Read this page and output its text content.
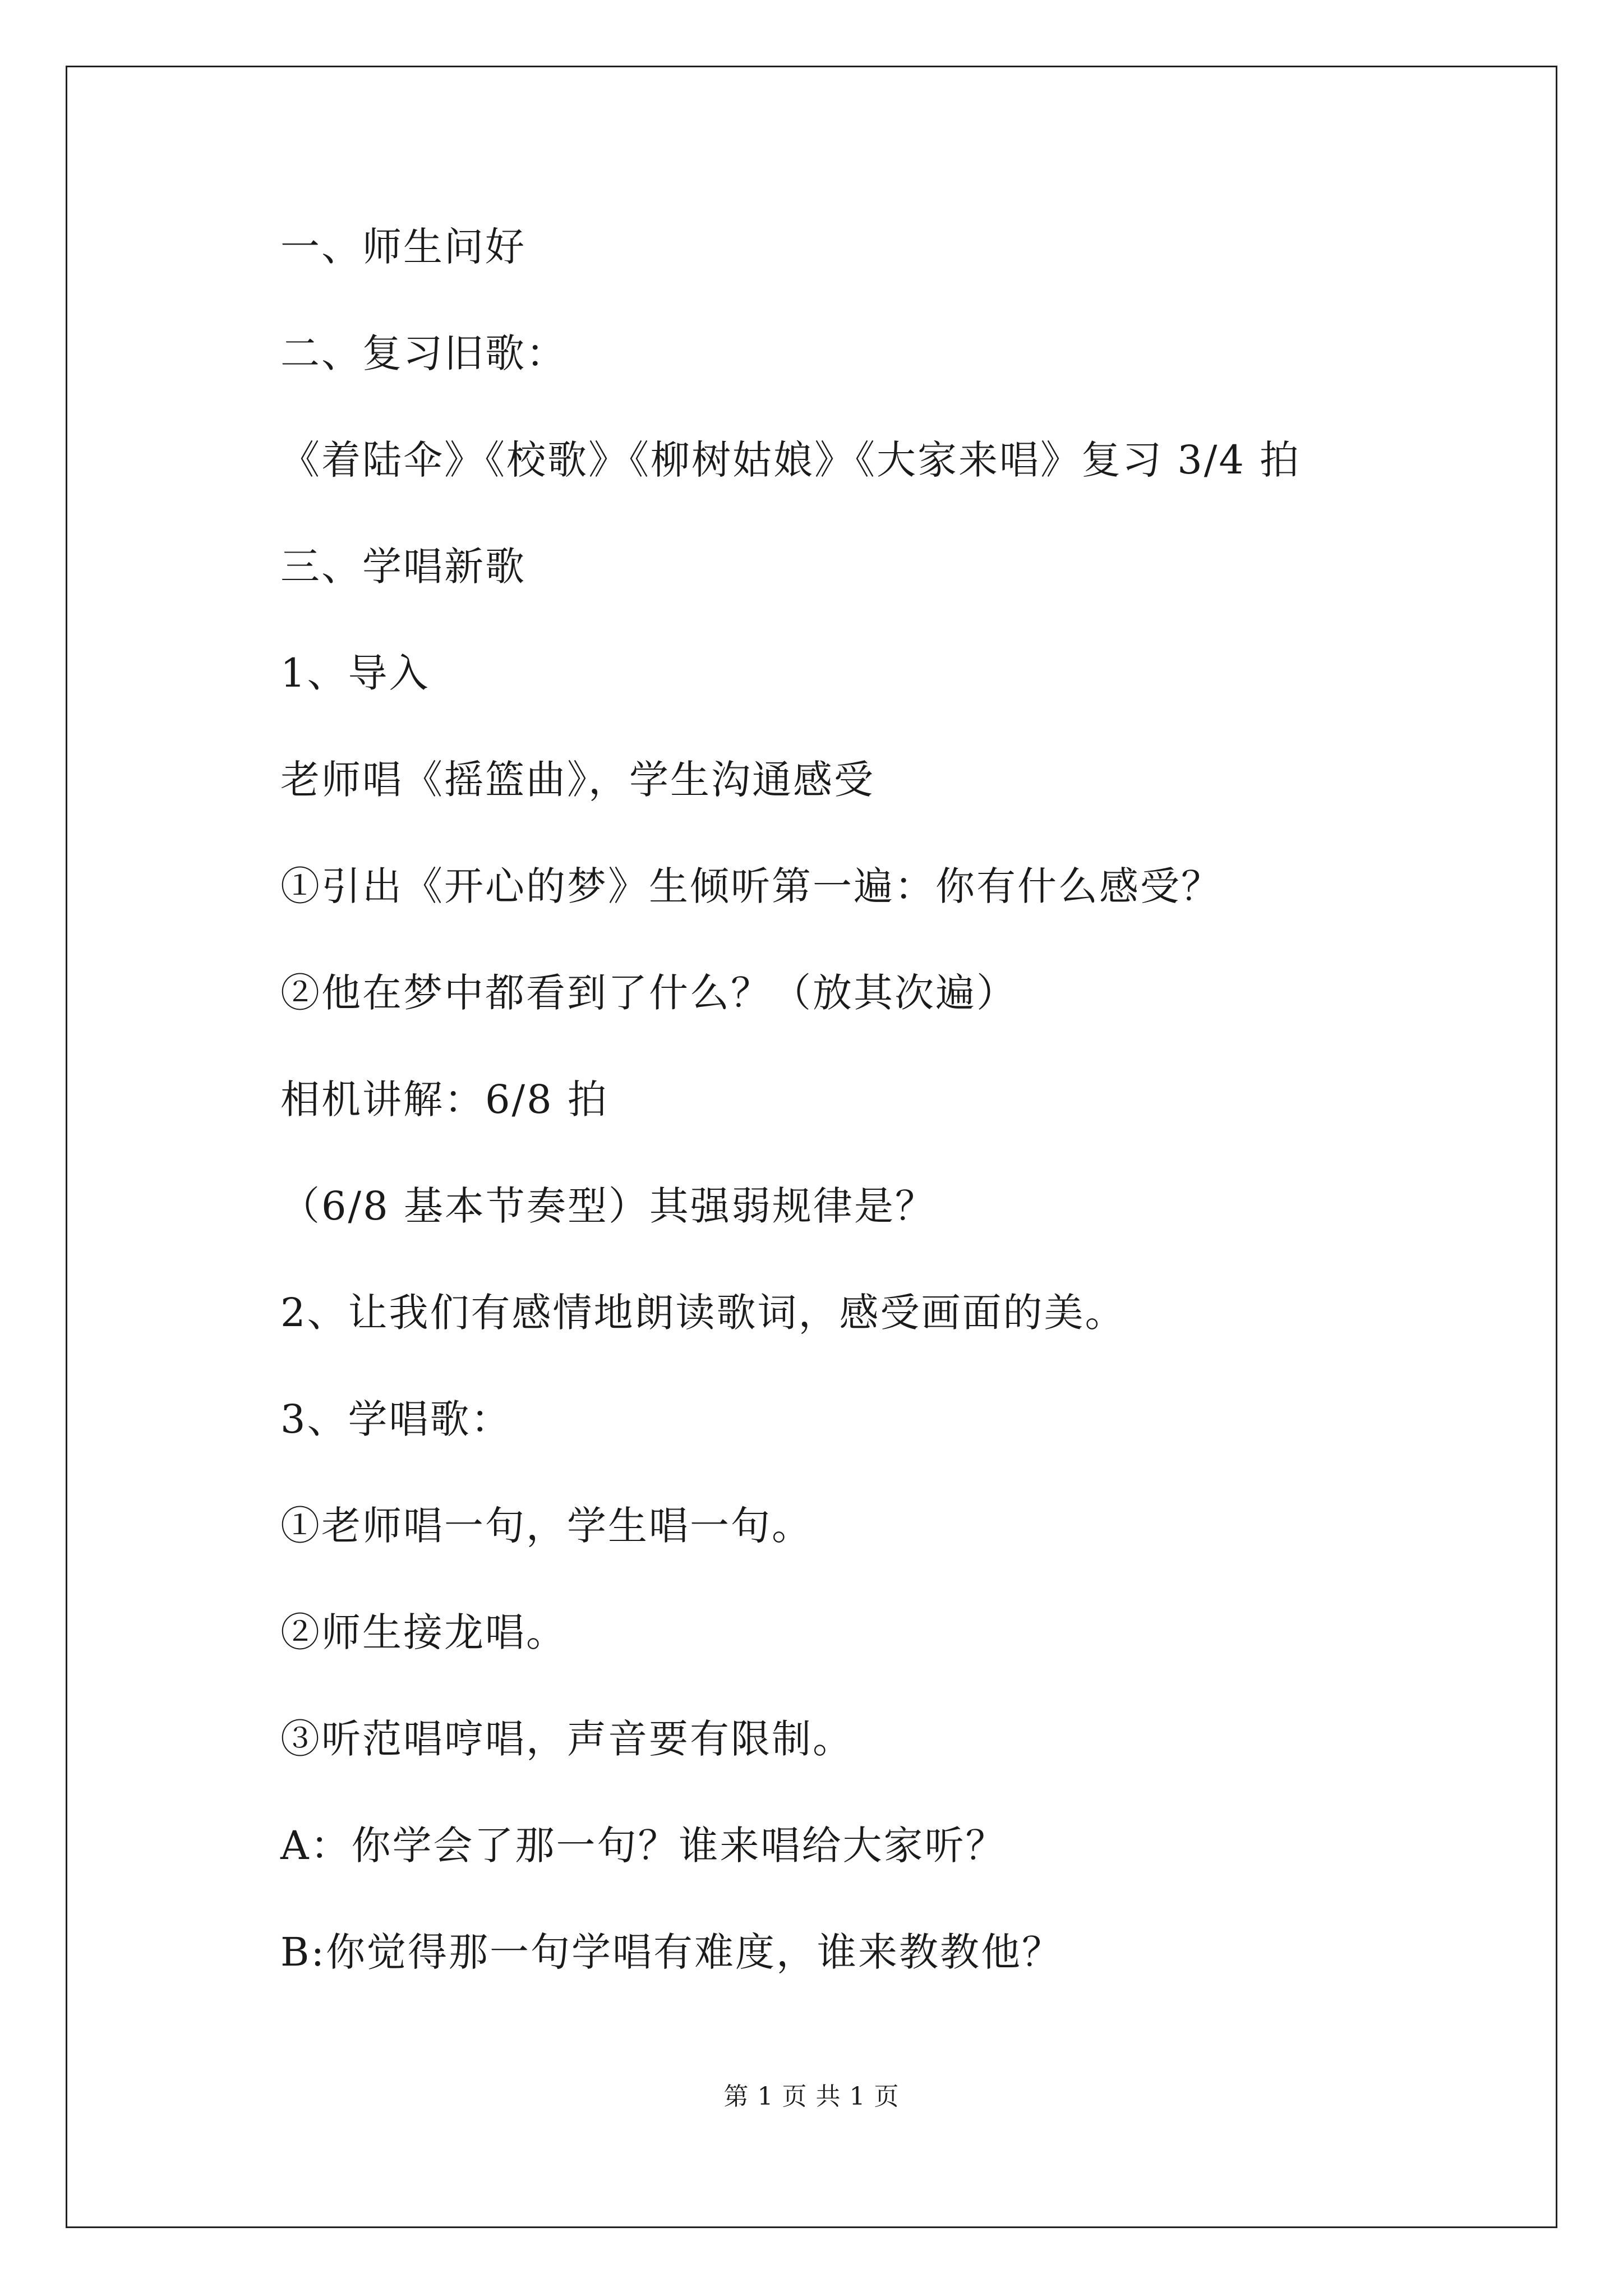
一、师生问好
二、复习旧歌：
《着陆伞》《校歌》《柳树姑娘》《大家来唱》复习 3/4 拍
三、学唱新歌
1、导入
老师唱《摇篮曲》，学生沟通感受
①引出《开心的梦》生倾听第一遍：你有什么感受？
②他在梦中都看到了什么？（放其次遍）
相机讲解：6/8 拍
（6/8 基本节奏型）其强弱规律是？
2、让我们有感情地朗读歌词，感受画面的美。
3、学唱歌：
①老师唱一句，学生唱一句。
②师生接龙唱。
③听范唱哼唱，声音要有限制。
A：你学会了那一句？谁来唱给大家听？
B:你觉得那一句学唱有难度，谁来教教他？
第 1 页 共 1 页
